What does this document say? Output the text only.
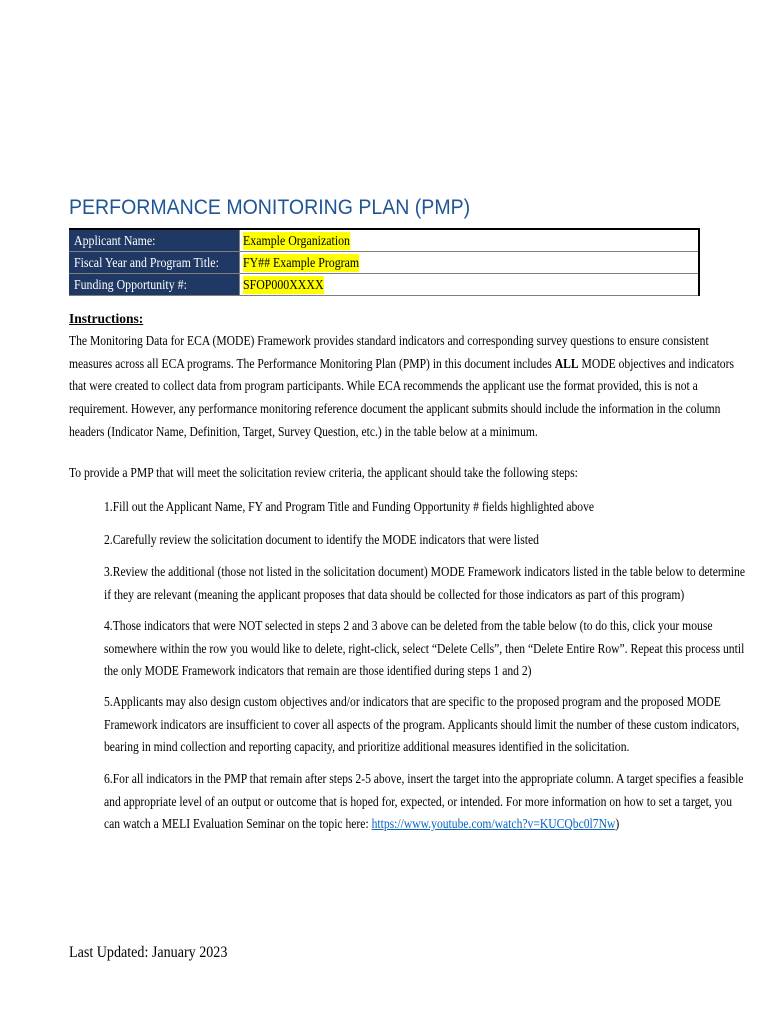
PERFORMANCE MONITORING PLAN (PMP)
Applicant Name:	Example Organization
Fiscal Year and Program Title:	FY## Example Program
Funding Opportunity #:	SFOP000XXXX
Instructions:
The Monitoring Data for ECA (MODE) Framework provides standard indicators and corresponding survey questions to ensure consistent
measures across all ECA programs. The Performance Monitoring Plan (PMP) in this document includes ALL MODE objectives and indicators
that were created to collect data from program participants. While ECA recommends the applicant use the format provided, this is not a
requirement. However, any performance monitoring reference document the applicant submits should include the information in the column
headers (Indicator Name, Definition, Target, Survey Question, etc.) in the table below at a minimum.
To provide a PMP that will meet the solicitation review criteria, the applicant should take the following steps:
1.Fill out the Applicant Name, FY and Program Title and Funding Opportunity # fields highlighted above
2.Carefully review the solicitation document to identify the MODE indicators that were listed
3.Review the additional (those not listed in the solicitation document) MODE Framework indicators listed in the table below to determine
if they are relevant (meaning the applicant proposes that data should be collected for those indicators as part of this program)
4.Those indicators that were NOT selected in steps 2 and 3 above can be deleted from the table below (to do this, click your mouse
somewhere within the row you would like to delete, right-click, select “Delete Cells”, then “Delete Entire Row”. Repeat this process until
the only MODE Framework indicators that remain are those identified during steps 1 and 2)
5.Applicants may also design custom objectives and/or indicators that are specific to the proposed program and the proposed MODE
Framework indicators are insufficient to cover all aspects of the program. Applicants should limit the number of these custom indicators,
bearing in mind collection and reporting capacity, and prioritize additional measures identified in the solicitation.
6.For all indicators in the PMP that remain after steps 2-5 above, insert the target into the appropriate column. A target specifies a feasible
and appropriate level of an output or outcome that is hoped for, expected, or intended. For more information on how to set a target, you
can watch a MELI Evaluation Seminar on the topic here: https://www.youtube.com/watch?v=KUCQbc0l7Nw)
Last Updated: January 2023
